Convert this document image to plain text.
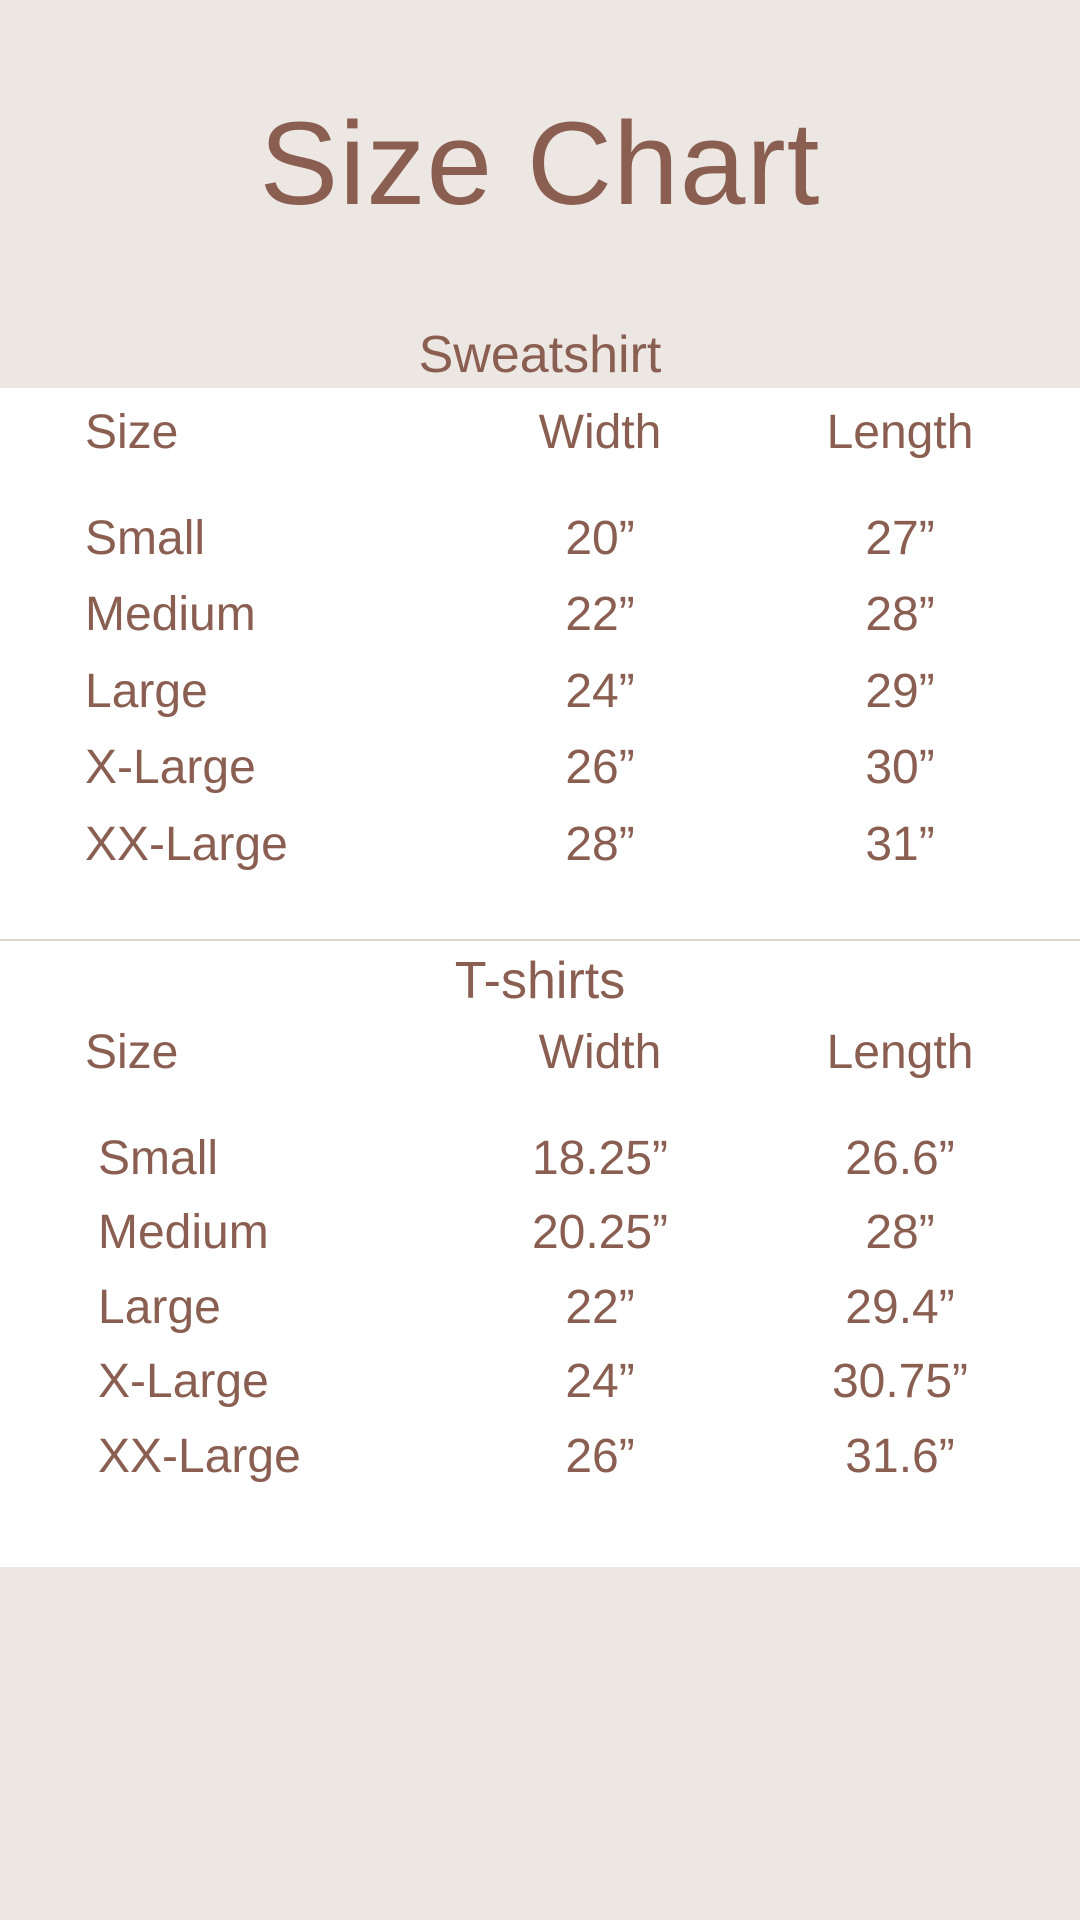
Size Chart
Sweatshirt
Size	Width	Length
Small	20”	27”
Medium	22”	28”
Large	24”	29”
X-Large	26”	30”
XX-Large	28”	31”
T-shirts
Size	Width	Length
Small	18.25”	26.6”
Medium	20.25”	28”
Large	22”	29.4”
X-Large	24”	30.75”
XX-Large	26”	31.6”
